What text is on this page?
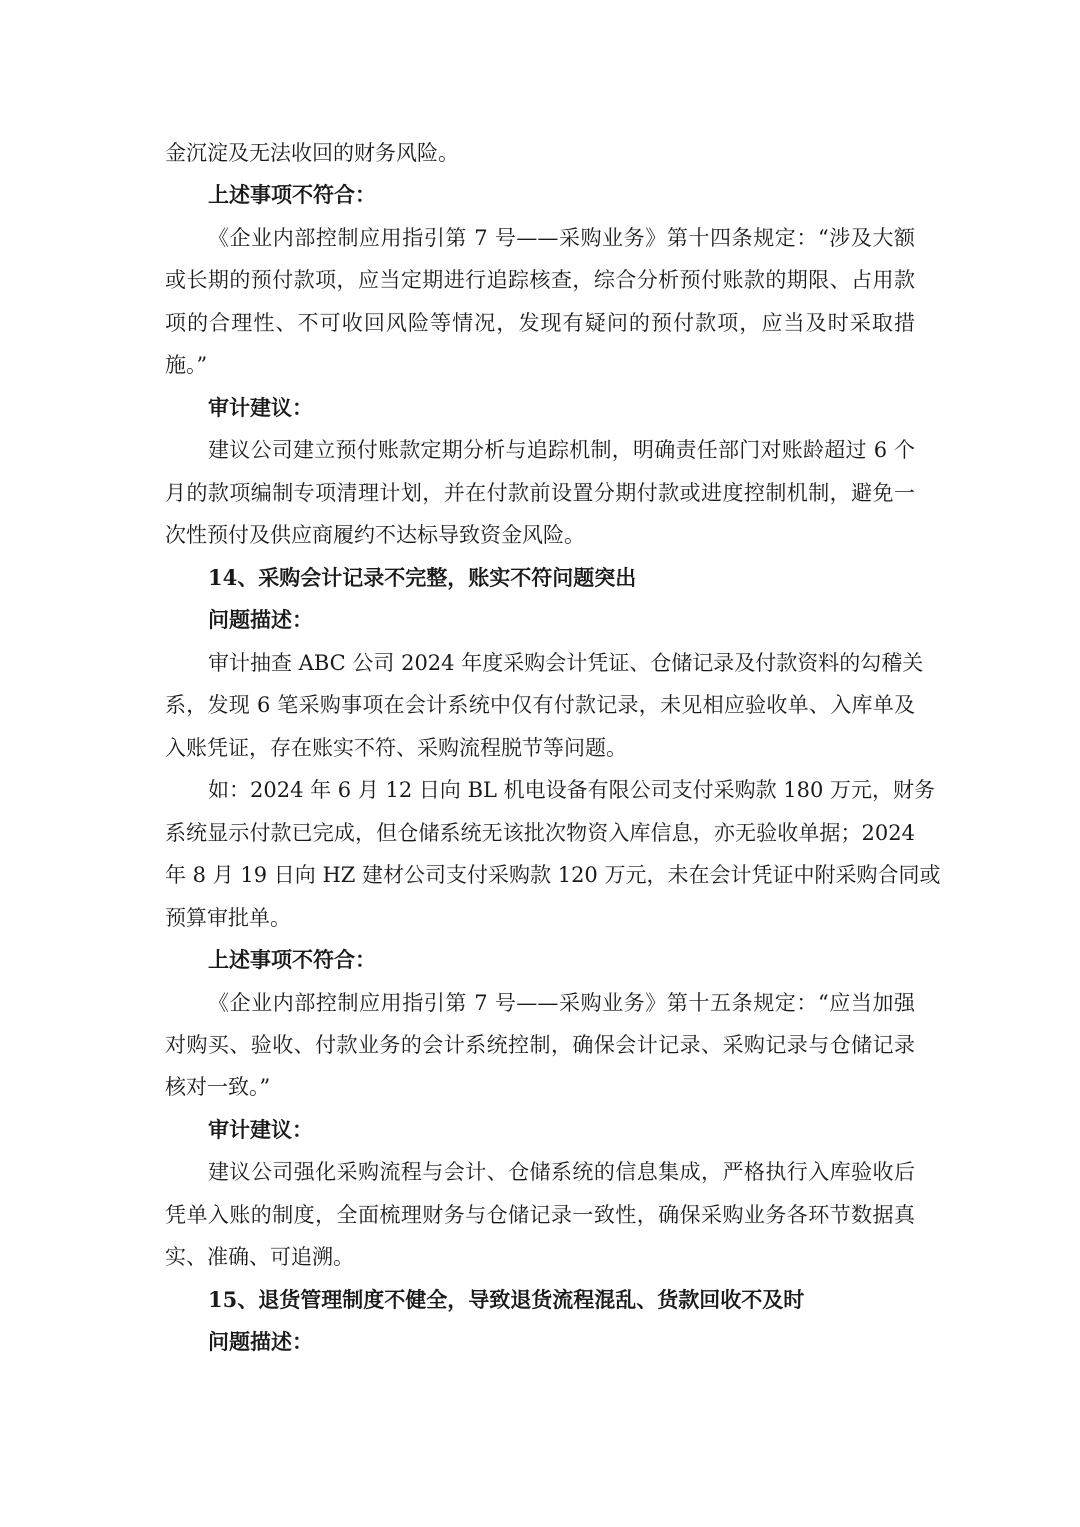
金沉淀及无法收回的财务风险。
上述事项不符合：
《企业内部控制应用指引第 7 号——采购业务》第十四条规定：“涉及大额
或长期的预付款项，应当定期进行追踪核查，综合分析预付账款的期限、占用款
项的合理性、不可收回风险等情况，发现有疑问的预付款项，应当及时采取措
施。”
审计建议：
建议公司建立预付账款定期分析与追踪机制，明确责任部门对账龄超过 6 个
月的款项编制专项清理计划，并在付款前设置分期付款或进度控制机制，避免一
次性预付及供应商履约不达标导致资金风险。
14、采购会计记录不完整，账实不符问题突出
问题描述：
审计抽查 ABC 公司 2024 年度采购会计凭证、仓储记录及付款资料的勾稽关
系，发现 6 笔采购事项在会计系统中仅有付款记录，未见相应验收单、入库单及
入账凭证，存在账实不符、采购流程脱节等问题。
如：2024 年 6 月 12 日向 BL 机电设备有限公司支付采购款 180 万元，财务
系统显示付款已完成，但仓储系统无该批次物资入库信息，亦无验收单据；2024
年 8 月 19 日向 HZ 建材公司支付采购款 120 万元，未在会计凭证中附采购合同或
预算审批单。
上述事项不符合：
《企业内部控制应用指引第 7 号——采购业务》第十五条规定：“应当加强
对购买、验收、付款业务的会计系统控制，确保会计记录、采购记录与仓储记录
核对一致。”
审计建议：
建议公司强化采购流程与会计、仓储系统的信息集成，严格执行入库验收后
凭单入账的制度，全面梳理财务与仓储记录一致性，确保采购业务各环节数据真
实、准确、可追溯。
15、退货管理制度不健全，导致退货流程混乱、货款回收不及时
问题描述：
